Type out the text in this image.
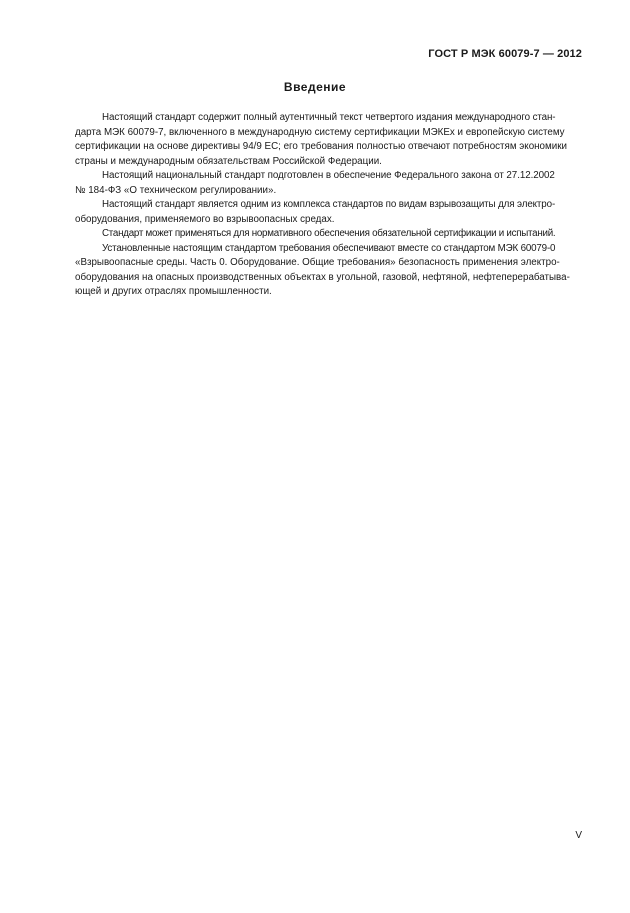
ГОСТ Р МЭК 60079-7 — 2012
Введение

Настоящий стандарт содержит полный аутентичный текст четвертого издания международного стан-
дарта МЭК 60079-7, включенного в международную систему сертификации МЭКЕх и европейскую систему
сертификации на основе директивы 94/9 ЕС; его требования полностью отвечают потребностям экономики
страны и международным обязательствам Российской Федерации.

Настоящий национальный стандарт подготовлен в обеспечение Федерального закона от 27.12.2002
№ 184-ФЗ «О техническом регулировании».

Настоящий стандарт является одним из комплекса стандартов по видам взрывозащиты для электро-
оборудования, применяемого во взрывоопасных средах.

Стандарт может применяться для нормативного обеспечения обязательной сертификации и испытаний.

Установленные настоящим стандартом требования обеспечивают вместе со стандартом МЭК 60079-0
«Взрывоопасные среды. Часть 0. Оборудование. Общие требования» безопасность применения электро-
оборудования на опасных производственных объектах в угольной, газовой, нефтяной, нефтеперерабатыва-
ющей и других отраслях промышленности.

V
